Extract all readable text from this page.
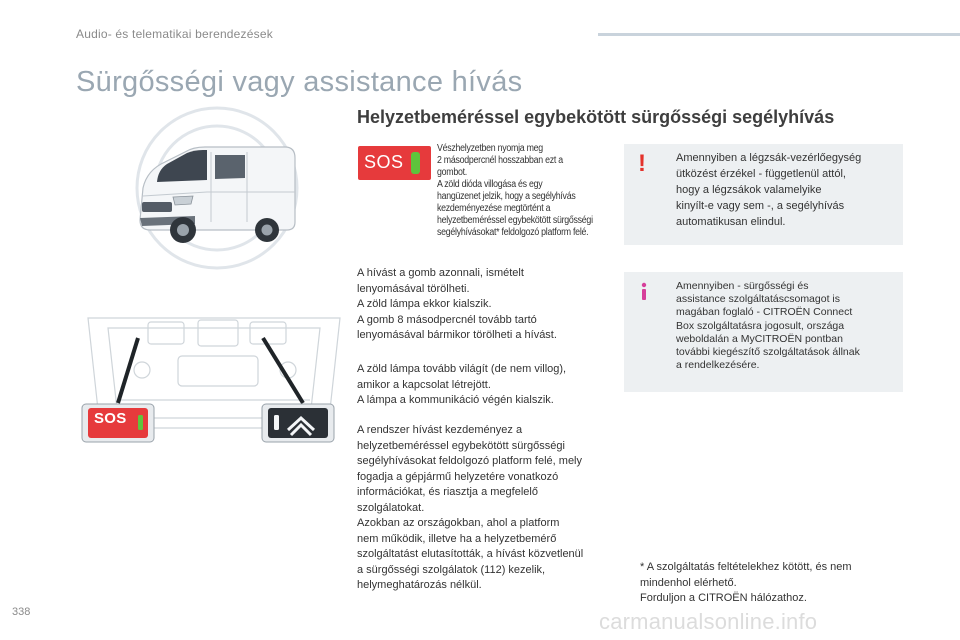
Audio- és telematikai berendezések
Sürgősségi vagy assistance hívás
SOS
Helyzetbeméréssel egybekötött sürgősségi segélyhívás
SOS
Vészhelyzetben nyomja meg
2 másodpercnél hosszabban ezt a
gombot.
A zöld dióda villogása és egy
hangüzenet jelzik, hogy a segélyhívás
kezdeményezése megtörtént a
helyzetbeméréssel egybekötött sürgősségi
segélyhívásokat* feldolgozó platform felé.
A hívást a gomb azonnali, ismételt
lenyomásával törölheti.
A zöld lámpa ekkor kialszik.
A gomb 8 másodpercnél tovább tartó
lenyomásával bármikor törölheti a hívást.
A zöld lámpa tovább világít (de nem villog),
amikor a kapcsolat létrejött.
A lámpa a kommunikáció végén kialszik.
A rendszer hívást kezdeményez a
helyzetbeméréssel egybekötött sürgősségi
segélyhívásokat feldolgozó platform felé, mely
fogadja a gépjármű helyzetére vonatkozó
információkat, és riasztja a megfelelő
szolgálatokat.
Azokban az országokban, ahol a platform
nem működik, illetve ha a helyzetbemérő
szolgáltatást elutasították, a hívást közvetlenül
a sürgősségi szolgálatok (112) kezelik,
helymeghatározás nélkül.
!	Amennyiben a légzsák-vezérlőegység
ütközést érzékel - függetlenül attól,
hogy a légzsákok valamelyike
kinyílt-e vagy sem -, a segélyhívás
automatikusan elindul.
Amennyiben - sürgősségi és
assistance szolgáltatáscsomagot is
magában foglaló - CITROËN Connect
Box szolgáltatásra jogosult, országa
weboldalán a MyCITROËN pontban
további kiegészítő szolgáltatások állnak
a rendelkezésére.
* A szolgáltatás feltételekhez kötött, és nem
mindenhol elérhető.
Forduljon a CITROËN hálózathoz.
338	carmanualsonline.info
